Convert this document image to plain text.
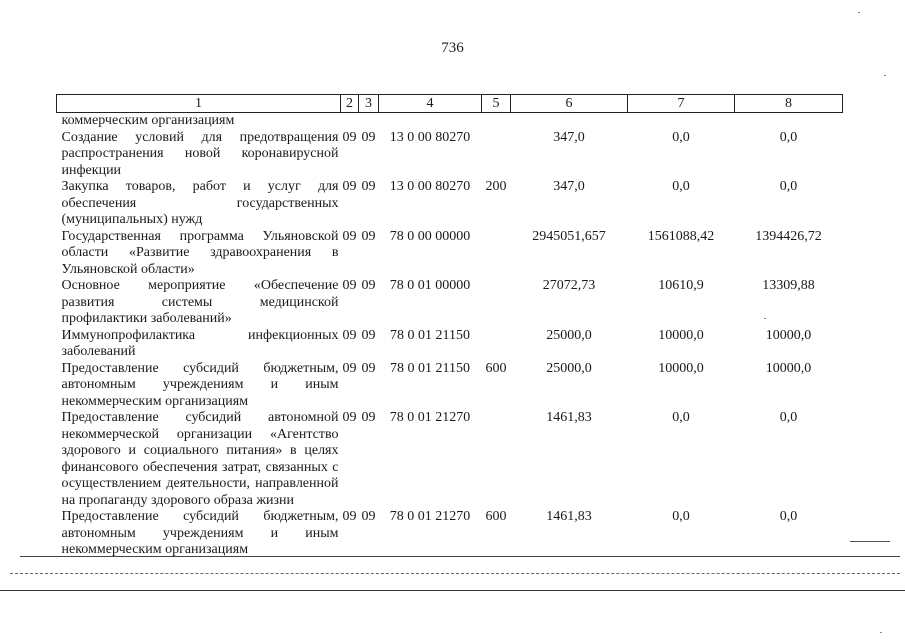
736
1	2	3	4	5	6	7	8
коммерческим организациям							
Создание условий для предотвращения распространения новой коронавирусной инфекции	09	09	13 0 00 80270		347,0	0,0	0,0
Закупка товаров, работ и услуг для обеспечения государственных (муниципальных) нужд	09	09	13 0 00 80270	200	347,0	0,0	0,0
Государственная программа Ульяновской области «Развитие здравоохранения в Ульяновской области»	09	09	78 0 00 00000		2945051,657	1561088,42	1394426,72
Основное мероприятие «Обеспечение развития системы медицинской профилактики заболеваний»	09	09	78 0 01 00000		27072,73	10610,9	13309,88
Иммунопрофилактика инфекционных заболеваний	09	09	78 0 01 21150		25000,0	10000,0	10000,0
Предоставление субсидий бюджетным, автономным учреждениям и иным некоммерческим организациям	09	09	78 0 01 21150	600	25000,0	10000,0	10000,0
Предоставление субсидий автономной некоммерческой организации «Агентство здорового и социального питания» в целях финансового обеспечения затрат, связанных с осуществлением деятельности, направленной на пропаганду здорового образа жизни	09	09	78 0 01 21270		1461,83	0,0	0,0
Предоставление субсидий бюджетным, автономным учреждениям и иным некоммерческим организациям	09	09	78 0 01 21270	600	1461,83	0,0	0,0
